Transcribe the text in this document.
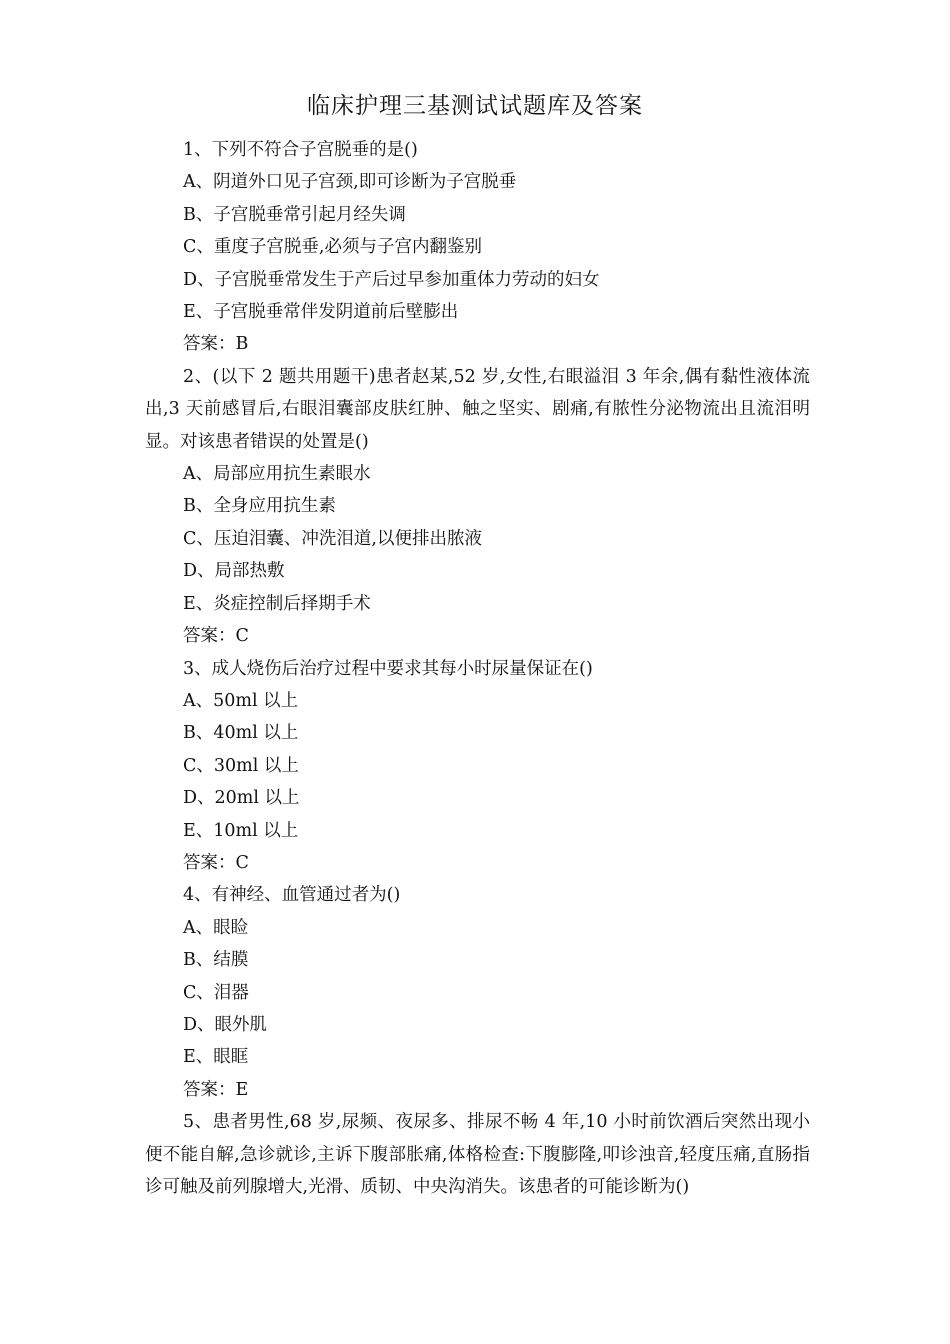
临床护理三基测试试题库及答案
1、下列不符合子宫脱垂的是()
A、阴道外口见子宫颈,即可诊断为子宫脱垂
B、子宫脱垂常引起月经失调
C、重度子宫脱垂,必须与子宫内翻鉴别
D、子宫脱垂常发生于产后过早参加重体力劳动的妇女
E、子宫脱垂常伴发阴道前后壁膨出
答案：B
2、(以下 2 题共用题干)患者赵某,52 岁,女性,右眼溢泪 3 年余,偶有黏性液体流出,3 天前感冒后,右眼泪囊部皮肤红肿、触之坚实、剧痛,有脓性分泌物流出且流泪明显。对该患者错误的处置是()
A、局部应用抗生素眼水
B、全身应用抗生素
C、压迫泪囊、冲洗泪道,以便排出脓液
D、局部热敷
E、炎症控制后择期手术
答案：C
3、成人烧伤后治疗过程中要求其每小时尿量保证在()
A、50ml 以上
B、40ml 以上
C、30ml 以上
D、20ml 以上
E、10ml 以上
答案：C
4、有神经、血管通过者为()
A、眼睑
B、结膜
C、泪器
D、眼外肌
E、眼眶
答案：E
5、患者男性,68 岁,尿频、夜尿多、排尿不畅 4 年,10 小时前饮酒后突然出现小便不能自解,急诊就诊,主诉下腹部胀痛,体格检查:下腹膨隆,叩诊浊音,轻度压痛,直肠指诊可触及前列腺增大,光滑、质韧、中央沟消失。该患者的可能诊断为()
